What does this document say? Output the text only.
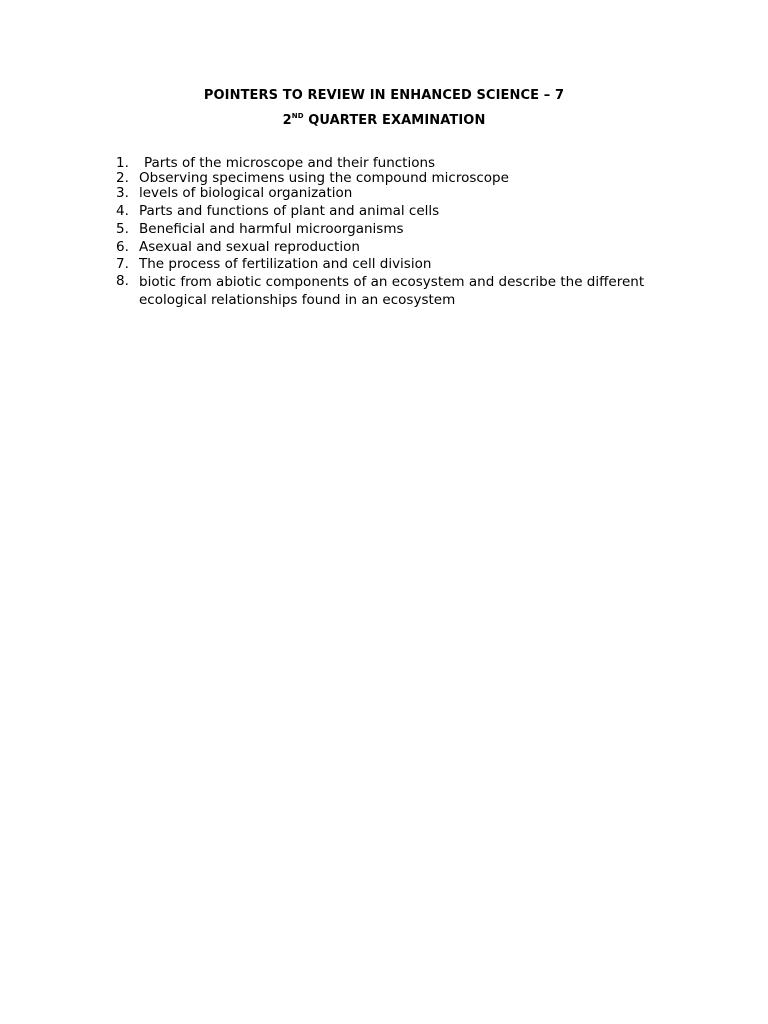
POINTERS TO REVIEW IN ENHANCED SCIENCE – 7
2ND QUARTER EXAMINATION
1.	Parts of the microscope and their functions
2. Observing specimens using the compound microscope
3. levels of biological organization
4. Parts and functions of plant and animal cells
5. Beneficial and harmful microorganisms
6. Asexual and sexual reproduction
7. The process of fertilization and cell division
8. biotic from abiotic components of an ecosystem and describe the different ecological relationships found in an ecosystem
